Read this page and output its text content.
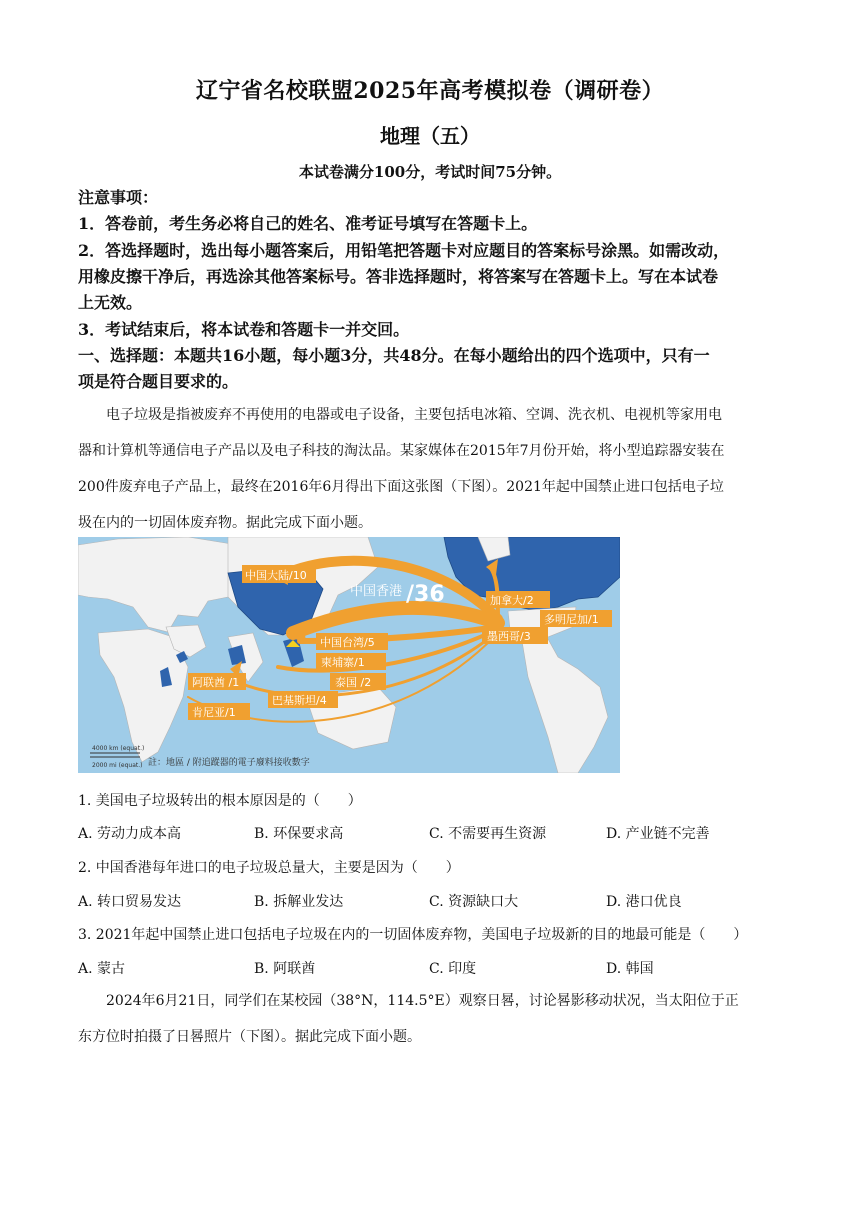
辽宁省名校联盟2025年高考模拟卷（调研卷）
地理（五）
本试卷满分100分，考试时间75分钟。
注意事项：
1．答卷前，考生务必将自己的姓名、准考证号填写在答题卡上。
2．答选择题时，选出每小题答案后，用铅笔把答题卡对应题目的答案标号涂黑。如需改动，
用橡皮擦干净后，再选涂其他答案标号。答非选择题时，将答案写在答题卡上。写在本试卷
上无效。
3．考试结束后，将本试卷和答题卡一并交回。
一、选择题：本题共16小题，每小题3分，共48分。在每小题给出的四个选项中，只有一
项是符合题目要求的。
电子垃圾是指被废弃不再使用的电器或电子设备，主要包括电冰箱、空调、洗衣机、电视机等家用电
器和计算机等通信电子产品以及电子科技的淘汰品。某家媒体在2015年7月份开始，将小型追踪器安装在
200件废弃电子产品上，最终在2016年6月得出下面这张图（下图）。2021年起中国禁止进口包括电子垃
圾在内的一切固体废弃物。据此完成下面小题。
中国大陆/10
中国香港 /36	加拿大/2
多明尼加/1
墨西哥/3
中国台湾/5
柬埔寨/1
泰国 /2
巴基斯坦/4
阿联酋 /1
肯尼亚/1
4000 km (equat.)
2000 mi (equat.) 註：地區 / 附追蹤器的電子廢料接收數字
1. 美国电子垃圾转出的根本原因是的（　　）
A. 劳动力成本高	B. 环保要求高	C. 不需要再生资源	D. 产业链不完善
2. 中国香港每年进口的电子垃圾总量大，主要是因为（　　）
A. 转口贸易发达	B. 拆解业发达	C. 资源缺口大	D. 港口优良
3. 2021年起中国禁止进口包括电子垃圾在内的一切固体废弃物，美国电子垃圾新的目的地最可能是（　　）
A. 蒙古	B. 阿联酋	C. 印度	D. 韩国
2024年6月21日，同学们在某校园（38°N，114.5°E）观察日晷，讨论晷影移动状况，当太阳位于正
东方位时拍摄了日晷照片（下图）。据此完成下面小题。
